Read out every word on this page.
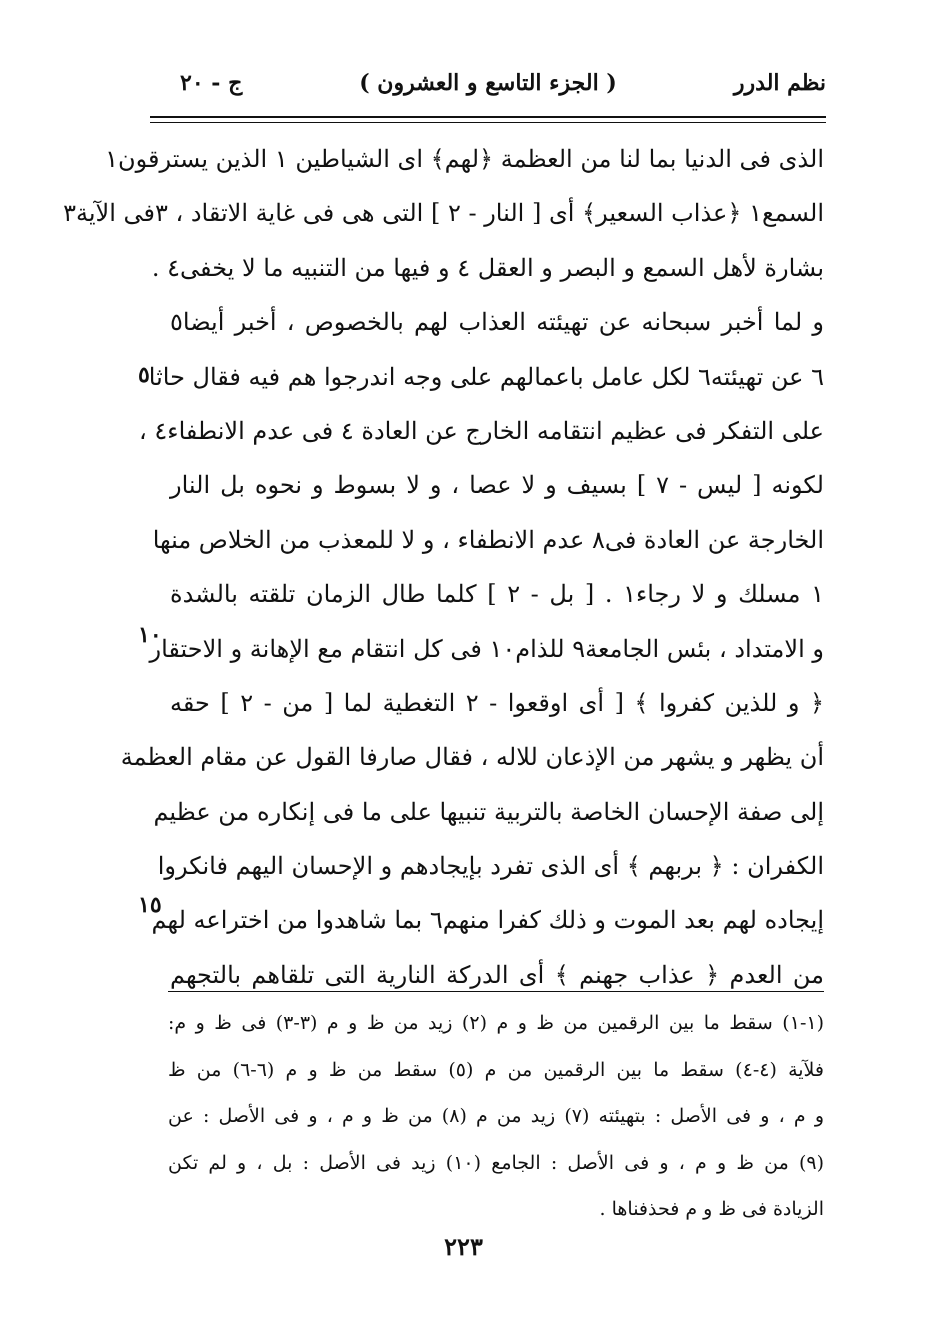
نظم الدرر
( الجزء التاسع و العشرون )
ج - ٢٠
الذى فى الدنيا بما لنا من العظمة ﴿لهم﴾ اى الشياطين ١ الذين يسترقون١
السمع١ ﴿عذاب السعير﴾ أى [ النار - ٢ ] التى هى فى غاية الاتقاد ، ٣فى الآية٣
بشارة لأهل السمع و البصر و العقل ٤ و فيها من التنبيه ما لا يخفى٤ .
و لما أخبر سبحانه عن تهيئته العذاب لهم بالخصوص ، أخبر أيضا٥
٦ عن تهيئته٦ لكل عامل باعمالهم على وجه اندرجوا هم فيه فقال حاثا
على التفكر فى عظيم انتقامه الخارج عن العادة ٤ فى عدم الانطفاء٤ ،
لكونه [ ليس - ٧ ] بسيف و لا عصا ، و لا بسوط و نحوه بل النار
الخارجة عن العادة فى٨ عدم الانطفاء ، و لا للمعذب من الخلاص منها
١ مسلك و لا رجاء١ . [ بل - ٢ ] كلما طال الزمان تلقته بالشدة
و الامتداد ، بئس الجامعة٩ للذام١٠ فى كل انتقام مع الإهانة و الاحتقار
﴿ و للذين كفروا ﴾ [ أى اوقعوا - ٢ التغطية لما [ من - ٢ ] حقه
أن يظهر و يشهر من الإذعان للاله ، فقال صارفا القول عن مقام العظمة
إلى صفة الإحسان الخاصة بالتربية تنبيها على ما فى إنكاره من عظيم
الكفران : ﴿ بربهم ﴾ أى الذى تفرد بإيجادهم و الإحسان اليهم فانكروا
إيجاده لهم بعد الموت و ذلك كفرا منهم٦ بما شاهدوا من اختراعه لهم
من العدم ﴿ عذاب جهنم ﴾ أى الدركة النارية التى تلقاهم بالتجهم
٥
١٠
١٥
(١-١) سقط ما بين الرقمين من ظ و م (٢) زيد من ظ و م (٣-٣) فى ظ و م:
فلآية (٤-٤) سقط ما بين الرقمين من م (٥) سقط من ظ و م (٦-٦) من ظ
و م ، و فى الأصل : بتهيئته (٧) زيد من م (٨) من ظ و م ، و فى الأصل : عن
(٩) من ظ و م ، و فى الأصل : الجامع (١٠) زيد فى الأصل : بل ، و لم تكن
الزيادة فى ظ و م فحذفناها .
٢٢٣
